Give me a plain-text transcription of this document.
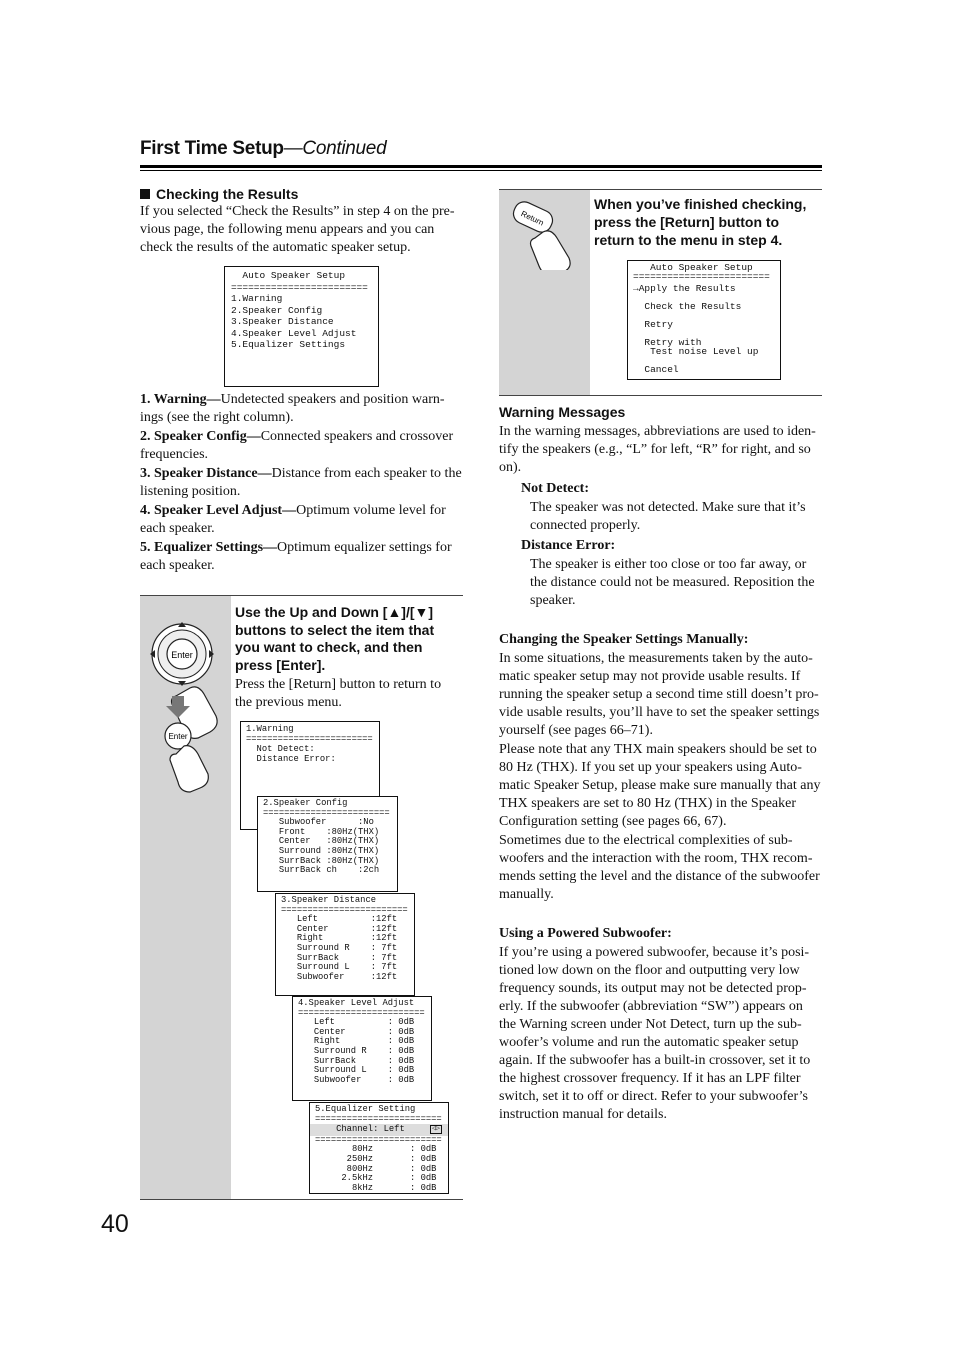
First Time Setup—Continued
Checking the Results

If you selected “Check the Results” in step 4 on the pre-vious page, the following menu appears and you can check the results of the automatic speaker setup.

Auto Speaker Setup
========================
1.Warning
2.Speaker Config
3.Speaker Distance
4.Speaker Level Adjust
5.Equalizer Settings

1. Warning—Undetected speakers and position warn-ings (see the right column).

2. Speaker Config—Connected speakers and crossover frequencies.

3. Speaker Distance—Distance from each speaker to the listening position.

4. Speaker Level Adjust—Optimum volume level for each speaker.

5. Equalizer Settings—Optimum equalizer settings for each speaker.

Enter
Enter
Use the Up and Down [▲]/[▼] buttons to select the item that you want to check, and then press [Enter].
Press the [Return] button to return to the previous menu.
1.Warning
========================
Not Detect:
Distance Error:
2.Speaker Config
========================
Subwoofer      :No
Front    :80Hz(THX)
Center   :80Hz(THX)
Surround :80Hz(THX)
SurrBack :80Hz(THX)
SurrBack ch    :2ch
3.Speaker Distance
========================
Left          :12ft
Center        :12ft
Right         :12ft
Surround R    : 7ft
SurrBack      : 7ft
Surround L    : 7ft
Subwoofer     :12ft
4.Speaker Level Adjust
========================
Left          : 0dB
Center        : 0dB
Right         : 0dB
Surround R    : 0dB
SurrBack      : 0dB
Surround L    : 0dB
Subwoofer     : 0dB
5.Equalizer Setting
========================
Channel: Left	◁▷
========================
80Hz       : 0dB
250Hz       : 0dB
800Hz       : 0dB
2.5kHz       : 0dB
8kHz       : 0dB
Return
When you’ve finished checking, press the [Return] button to return to the menu in step 4.
Auto Speaker Setup
========================
→Apply the Results
Check the Results
Retry
Retry with
Test noise Level up
Cancel
Warning Messages

In the warning messages, abbreviations are used to iden-tify the speakers (e.g., “L” for left, “R” for right, and so on).

Not Detect:

The speaker was not detected. Make sure that it’s connected properly.

Distance Error:

The speaker is either too close or too far away, or the distance could not be measured. Reposition the speaker.

Changing the Speaker Settings Manually:

In some situations, the measurements taken by the auto-matic speaker setup may not provide usable results. If running the speaker setup a second time still doesn’t pro-vide usable results, you’ll have to set the speaker settings yourself (see pages 66–71).

Please note that any THX main speakers should be set to 80 Hz (THX). If you set up your speakers using Auto-matic Speaker Setup, please make sure manually that any THX speakers are set to 80 Hz (THX) in the Speaker Configuration setting (see pages 66, 67).

Sometimes due to the electrical complexities of sub-woofers and the interaction with the room, THX recom-mends setting the level and the distance of the subwoofer manually.

Using a Powered Subwoofer:

If you’re using a powered subwoofer, because it’s posi-tioned low down on the floor and outputting very low frequency sounds, its output may not be detected prop-erly. If the subwoofer (abbreviation “SW”) appears on the Warning screen under Not Detect, turn up the sub-woofer’s volume and run the automatic speaker setup again. If the subwoofer has a built-in crossover, set it to the highest crossover frequency. If it has an LPF filter switch, set it to off or direct. Refer to your subwoofer’s instruction manual for details.

40
